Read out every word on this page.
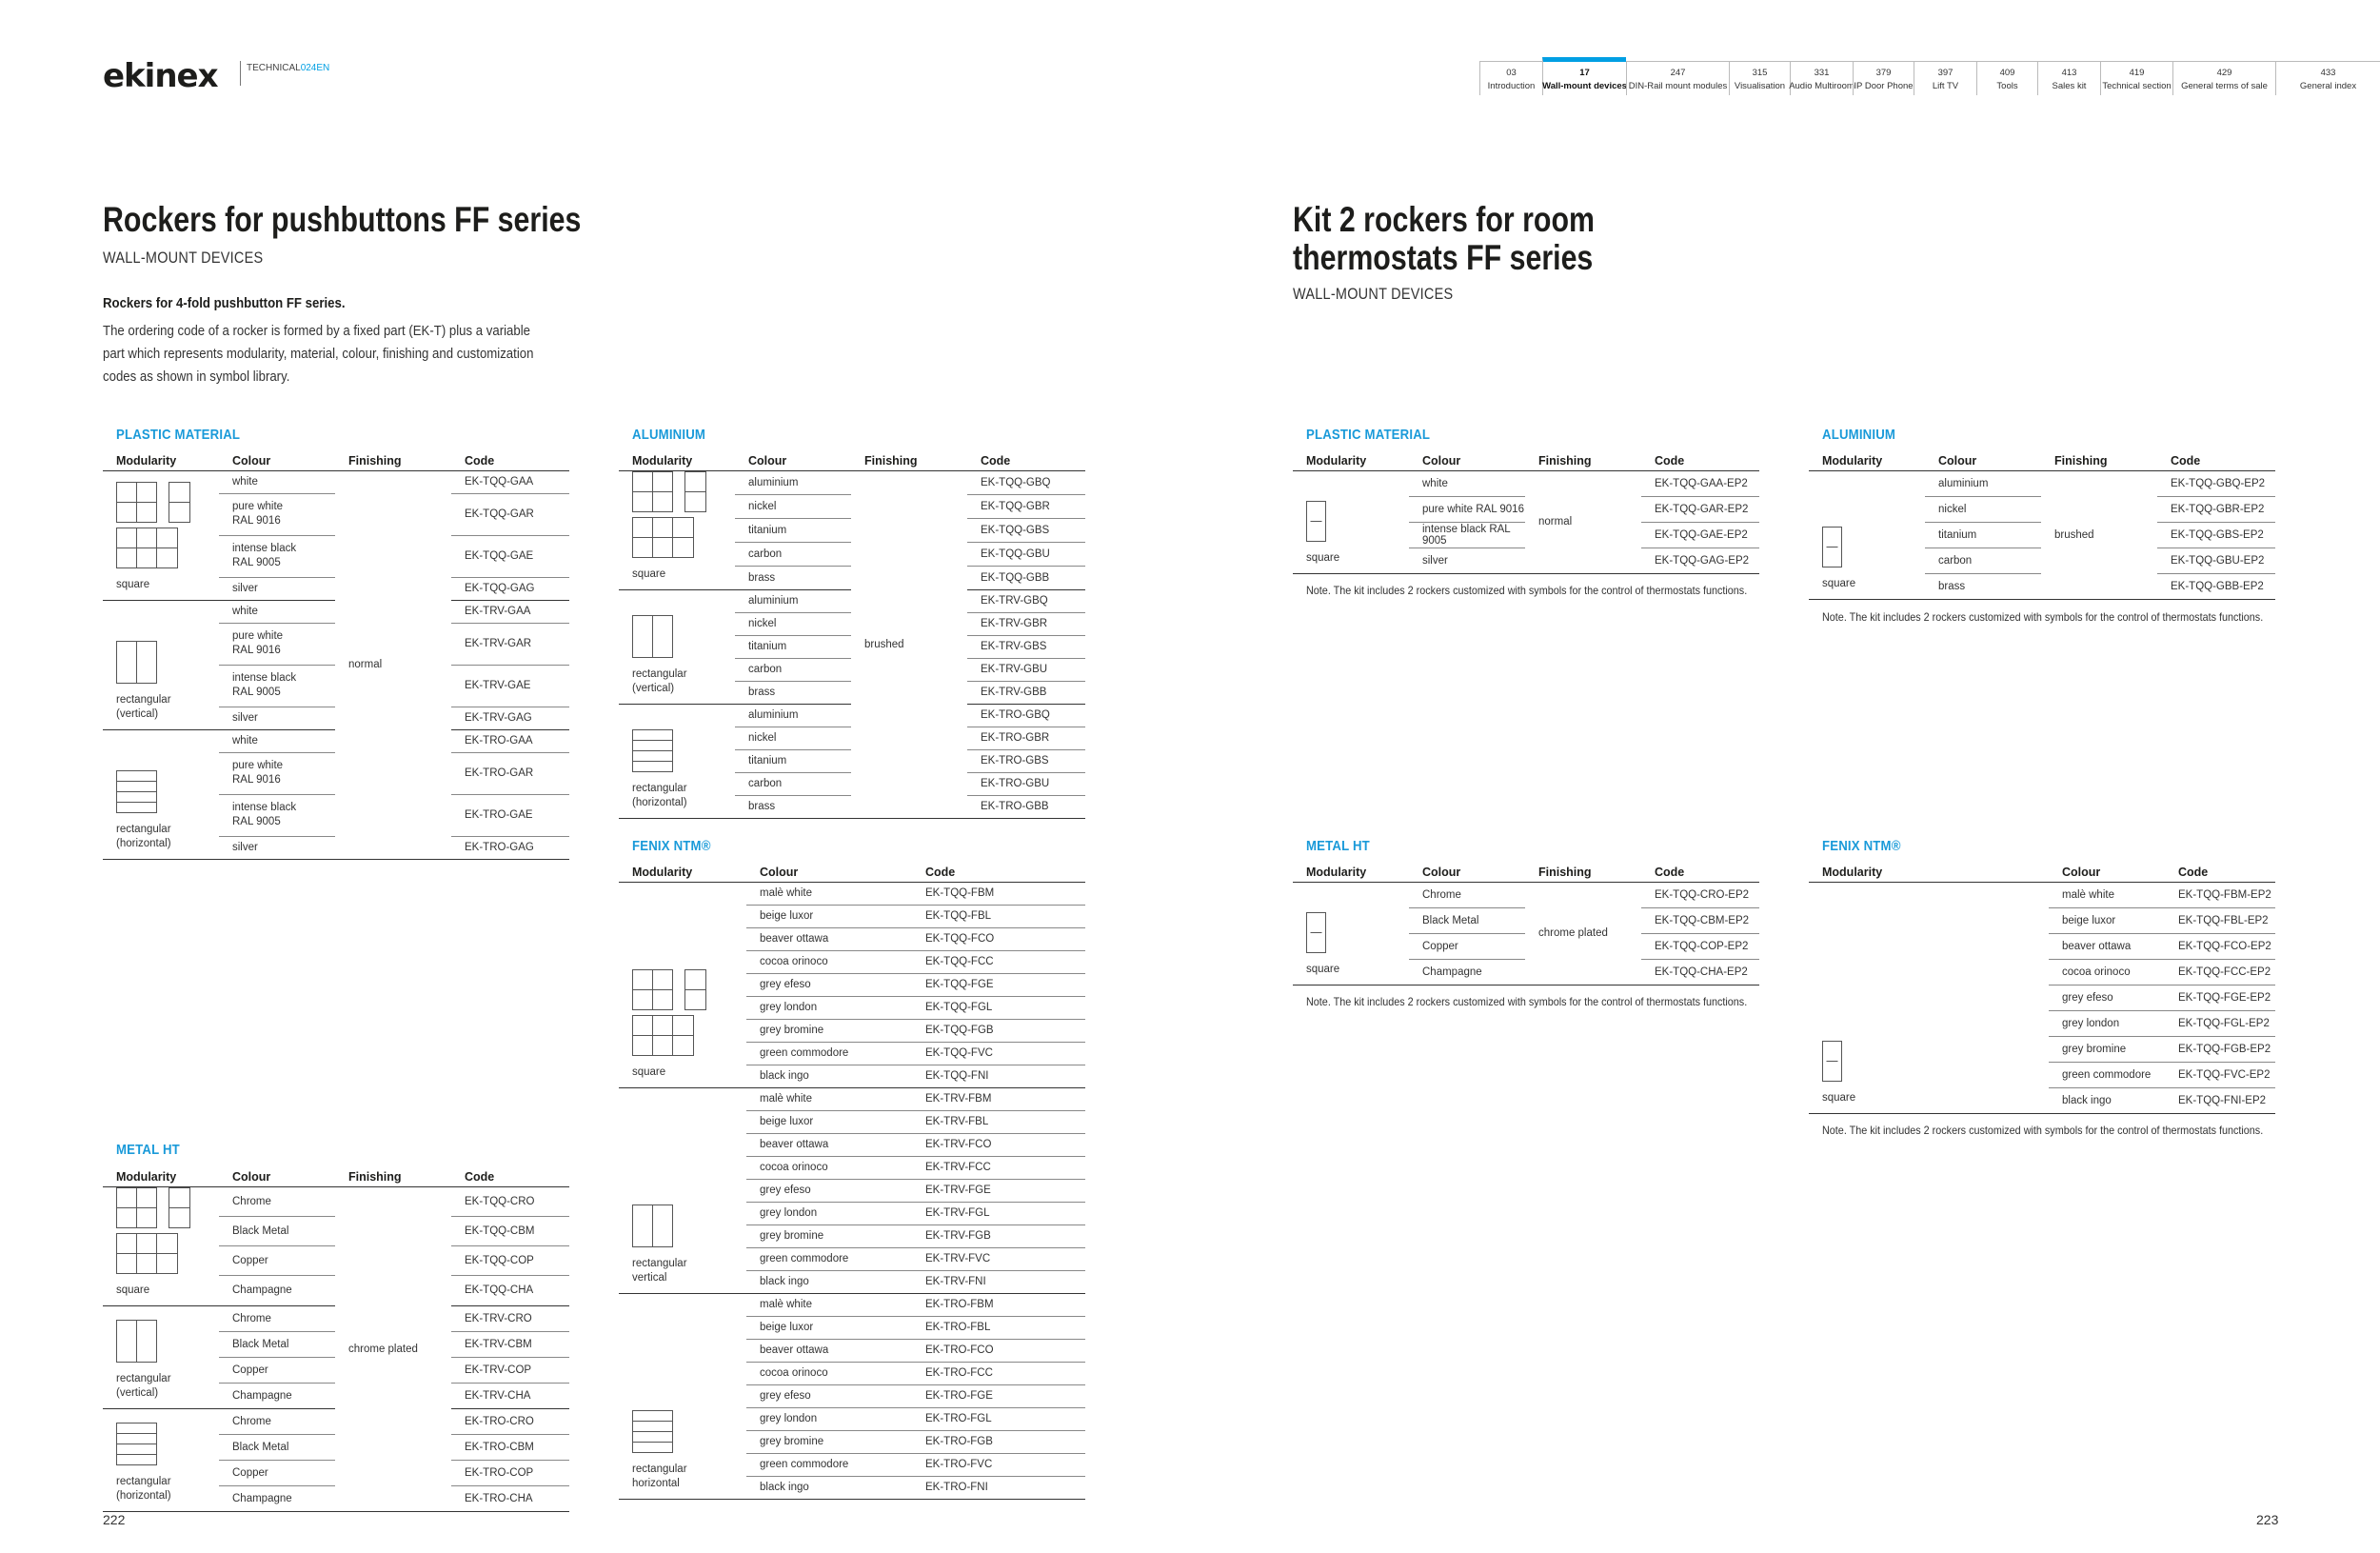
ekinex	TECHNICAL024EN	03
Introduction
17
Wall-mount devices
247
DIN-Rail mount modules
315
Visualisation
331
Audio Multiroom
379
IP Door Phone
397
Lift TV
409
Tools
413
Sales kit
419
Technical section
429
General terms of sale
433
General index
Rockers for pushbuttons FF series
WALL-MOUNT DEVICES
Rockers for 4-fold pushbutton FF series.
The ordering code of a rocker is formed by a fixed part (EK-T) plus a variable part which represents modularity, material, colour, finishing and customization codes as shown in symbol library.
Kit 2 rockers for room
thermostats FF series
WALL-MOUNT DEVICES
PLASTIC MATERIAL
METAL HT
ALUMINIUM
FENIX NTM®
PLASTIC MATERIAL	ALUMINIUM
METAL HT	FENIX NTM®
Modularity	Colour	Finishing	Code

square	white	normal	EK-TQQ-GAA

	pure white
RAL 9016		EK-TQQ-GAR

	intense black
RAL 9005		EK-TQQ-GAE
	silver		EK-TQQ-GAG

rectangular
(vertical)	white		EK-TRV-GAA

	pure white
RAL 9016		EK-TRV-GAR

	intense black
RAL 9005		EK-TRV-GAE
	silver		EK-TRV-GAG

rectangular
(horizontal)	white		EK-TRO-GAA

	pure white
RAL 9016		EK-TRO-GAR

	intense black
RAL 9005		EK-TRO-GAE
	silver		EK-TRO-GAG
Modularity	Colour	Finishing	Code

square	Chrome	chrome plated	EK-TQQ-CRO
	Black Metal		EK-TQQ-CBM
	Copper		EK-TQQ-COP
	Champagne		EK-TQQ-CHA

rectangular
(vertical)	Chrome		EK-TRV-CRO
	Black Metal		EK-TRV-CBM
	Copper		EK-TRV-COP
	Champagne		EK-TRV-CHA

rectangular
(horizontal)	Chrome		EK-TRO-CRO
	Black Metal		EK-TRO-CBM
	Copper		EK-TRO-COP
	Champagne		EK-TRO-CHA
Modularity	Colour	Finishing	Code

square	aluminium	brushed	EK-TQQ-GBQ
	nickel		EK-TQQ-GBR
	titanium		EK-TQQ-GBS
	carbon		EK-TQQ-GBU
	brass		EK-TQQ-GBB

rectangular
(vertical)	aluminium		EK-TRV-GBQ
	nickel		EK-TRV-GBR
	titanium		EK-TRV-GBS
	carbon		EK-TRV-GBU
	brass		EK-TRV-GBB

rectangular
(horizontal)	aluminium		EK-TRO-GBQ
	nickel		EK-TRO-GBR
	titanium		EK-TRO-GBS
	carbon		EK-TRO-GBU
	brass		EK-TRO-GBB
Modularity	Colour	Code

square	malè white	EK-TQQ-FBM
	beige luxor	EK-TQQ-FBL
	beaver ottawa	EK-TQQ-FCO
	cocoa orinoco	EK-TQQ-FCC
	grey efeso	EK-TQQ-FGE
	grey london	EK-TQQ-FGL
	grey bromine	EK-TQQ-FGB
	green commodore	EK-TQQ-FVC
	black ingo	EK-TQQ-FNI

rectangular
vertical	malè white	EK-TRV-FBM
	beige luxor	EK-TRV-FBL
	beaver ottawa	EK-TRV-FCO
	cocoa orinoco	EK-TRV-FCC
	grey efeso	EK-TRV-FGE
	grey london	EK-TRV-FGL
	grey bromine	EK-TRV-FGB
	green commodore	EK-TRV-FVC
	black ingo	EK-TRV-FNI

rectangular
horizontal	malè white	EK-TRO-FBM
	beige luxor	EK-TRO-FBL
	beaver ottawa	EK-TRO-FCO
	cocoa orinoco	EK-TRO-FCC
	grey efeso	EK-TRO-FGE
	grey london	EK-TRO-FGL
	grey bromine	EK-TRO-FGB
	green commodore	EK-TRO-FVC
	black ingo	EK-TRO-FNI
Modularity	Colour	Finishing	Code

square	white	normal	EK-TQQ-GAA-EP2
	pure white RAL 9016		EK-TQQ-GAR-EP2
	intense black RAL 9005		EK-TQQ-GAE-EP2
	silver		EK-TQQ-GAG-EP2
Note. The kit includes 2 rockers customized with symbols for the control of thermostats functions.
Modularity	Colour	Finishing	Code

square	aluminium	brushed	EK-TQQ-GBQ-EP2
	nickel		EK-TQQ-GBR-EP2
	titanium		EK-TQQ-GBS-EP2
	carbon		EK-TQQ-GBU-EP2
	brass		EK-TQQ-GBB-EP2
Note. The kit includes 2 rockers customized with symbols for the control of thermostats functions.
Modularity	Colour	Finishing	Code

square	Chrome	chrome plated	EK-TQQ-CRO-EP2
	Black Metal		EK-TQQ-CBM-EP2
	Copper		EK-TQQ-COP-EP2
	Champagne		EK-TQQ-CHA-EP2
Note. The kit includes 2 rockers customized with symbols for the control of thermostats functions.
Modularity	Colour	Code

square	malè white	EK-TQQ-FBM-EP2
	beige luxor	EK-TQQ-FBL-EP2
	beaver ottawa	EK-TQQ-FCO-EP2
	cocoa orinoco	EK-TQQ-FCC-EP2
	grey efeso	EK-TQQ-FGE-EP2
	grey london	EK-TQQ-FGL-EP2
	grey bromine	EK-TQQ-FGB-EP2
	green commodore	EK-TQQ-FVC-EP2
	black ingo	EK-TQQ-FNI-EP2
Note. The kit includes 2 rockers customized with symbols for the control of thermostats functions.
222	223
